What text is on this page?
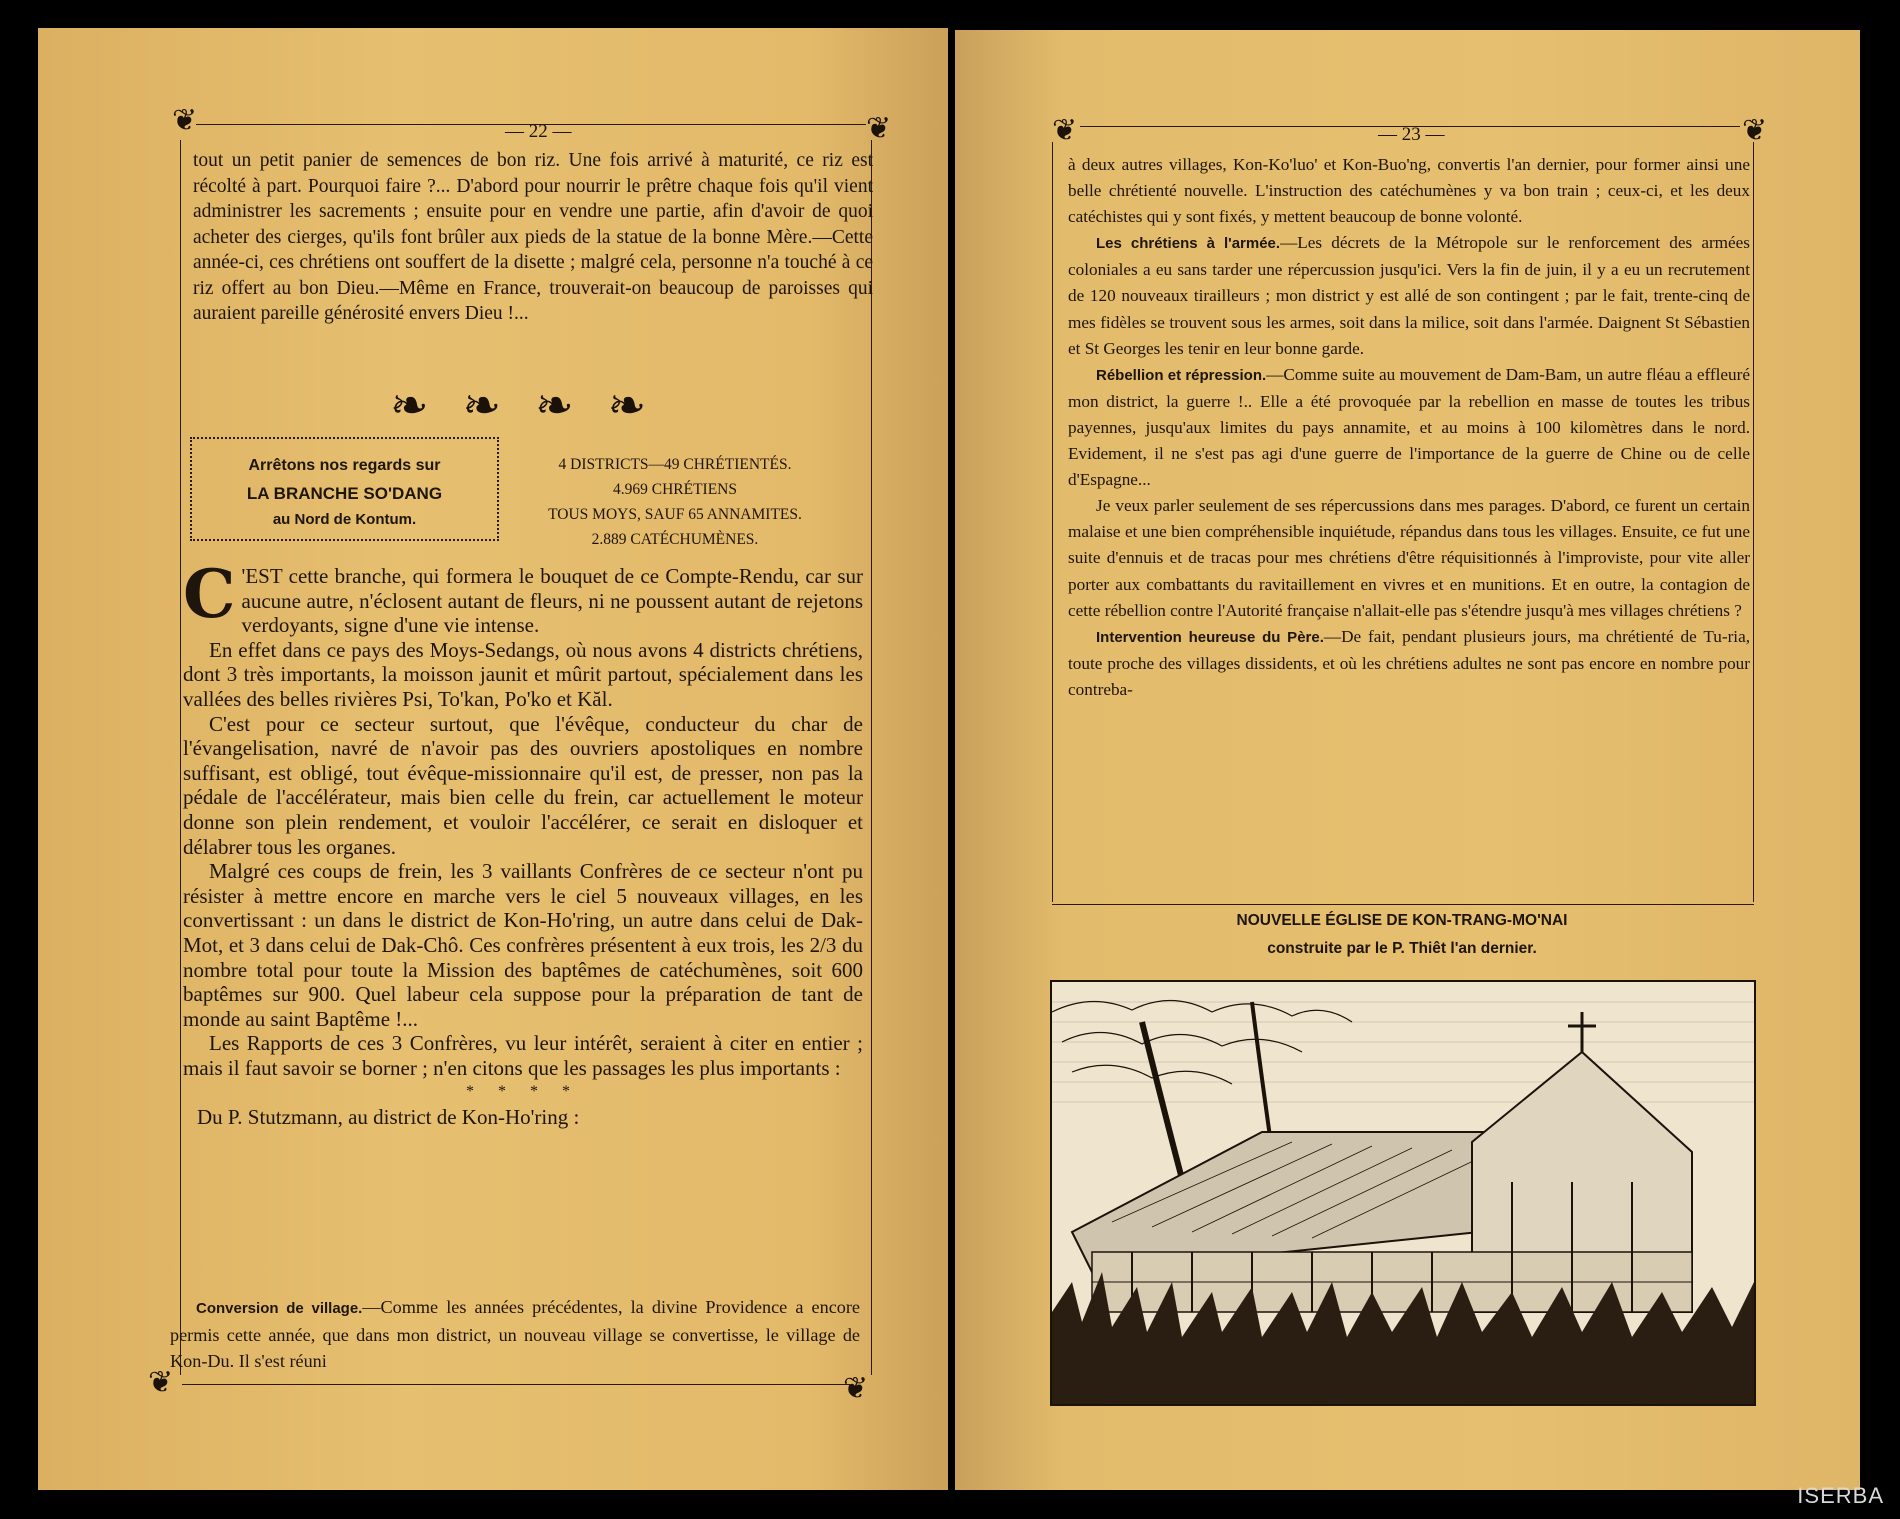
❦	❦
— 22 —
❦	❦
tout un petit panier de semences de bon riz. Une fois arrivé à maturité, ce riz est récolté à part. Pourquoi faire ?... D'abord pour nourrir le prêtre chaque fois qu'il vient administrer les sacrements ; ensuite pour en vendre une partie, afin d'avoir de quoi acheter des cierges, qu'ils font brûler aux pieds de la statue de la bonne Mère.—Cette année-ci, ces chrétiens ont souffert de la disette ; malgré cela, personne n'a touché à ce riz offert au bon Dieu.—Même en France, trouverait-on beaucoup de paroisses qui auraient pareille générosité envers Dieu !...
❧❧❧❧
Arrêtons nos regards sur
LA BRANCHE SO'DANG
au Nord de Kontum.
4 DISTRICTS—49 CHRÉTIENTÉS.
4.969 CHRÉTIENS
TOUS MOYS, SAUF 65 ANNAMITES.
2.889 CATÉCHUMÈNES.

C 'EST cette branche, qui formera le bouquet de ce Compte-Rendu, car sur aucune autre, n'éclosent autant de fleurs, ni ne poussent autant de rejetons verdoyants, signe d'une vie intense.

En effet dans ce pays des Moys-Sedangs, où nous avons 4 districts chrétiens, dont 3 très importants, la moisson jaunit et mûrit partout, spécialement dans les vallées des belles rivières Psi, To'kan, Po'ko et Kăl.

C'est pour ce secteur surtout, que l'évêque, conducteur du char de l'évangelisation, navré de n'avoir pas des ouvriers apostoliques en nombre suffisant, est obligé, tout évêque-missionnaire qu'il est, de presser, non pas la pédale de l'accélérateur, mais bien celle du frein, car actuellement le moteur donne son plein rendement, et vouloir l'accélérer, ce serait en disloquer et délabrer tous les organes.

Malgré ces coups de frein, les 3 vaillants Confrères de ce secteur n'ont pu résister à mettre encore en marche vers le ciel 5 nouveaux villages, en les convertissant : un dans le district de Kon-Ho'ring, un autre dans celui de Dak-Mot, et 3 dans celui de Dak-Chô. Ces confrères présentent à eux trois, les 2/3 du nombre total pour toute la Mission des baptêmes de catéchumènes, soit 600 baptêmes sur 900. Quel labeur cela suppose pour la préparation de tant de monde au saint Baptême !...

Les Rapports de ces 3 Confrères, vu leur intérêt, seraient à citer en entier ; mais il faut savoir se borner ; n'en citons que les passages les plus importants :

* * * *

Du P. Stutzmann, au district de Kon-Ho'ring :

Conversion de village.—Comme les années précédentes, la divine Providence a encore permis cette année, que dans mon district, un nouveau village se convertisse, le village de Kon-Du. Il s'est réuni

❦	❦
— 23 —

à deux autres villages, Kon-Ko'luo' et Kon-Buo'ng, convertis l'an dernier, pour former ainsi une belle chrétienté nouvelle. L'instruction des catéchumènes y va bon train ; ceux-ci, et les deux catéchistes qui y sont fixés, y mettent beaucoup de bonne volonté.

Les chrétiens à l'armée.—Les décrets de la Métropole sur le renforcement des armées coloniales a eu sans tarder une répercussion jusqu'ici. Vers la fin de juin, il y a eu un recrutement de 120 nouveaux tirailleurs ; mon district y est allé de son contingent ; par le fait, trente-cinq de mes fidèles se trouvent sous les armes, soit dans la milice, soit dans l'armée. Daignent St Sébastien et St Georges les tenir en leur bonne garde.

Rébellion et répression.—Comme suite au mouvement de Dam-Bam, un autre fléau a effleuré mon district, la guerre !.. Elle a été provoquée par la rebellion en masse de toutes les tribus payennes, jusqu'aux limites du pays annamite, et au moins à 100 kilomètres dans le nord. Evidement, il ne s'est pas agi d'une guerre de l'importance de la guerre de Chine ou de celle d'Espagne...

Je veux parler seulement de ses répercussions dans mes parages. D'abord, ce furent un certain malaise et une bien compréhensible inquiétude, répandus dans tous les villages. Ensuite, ce fut une suite d'ennuis et de tracas pour mes chrétiens d'être réquisitionnés à l'improviste, pour vite aller porter aux combattants du ravitaillement en vivres et en munitions. Et en outre, la contagion de cette rébellion contre l'Autorité française n'allait-elle pas s'étendre jusqu'à mes villages chrétiens ?

Intervention heureuse du Père.—De fait, pendant plusieurs jours, ma chrétienté de Tu-ria, toute proche des villages dissidents, et où les chrétiens adultes ne sont pas encore en nombre pour contreba-

NOUVELLE ÉGLISE DE KON-TRANG-MO'NAI
construite par le P. Thiêt l'an dernier.
ISERBA
